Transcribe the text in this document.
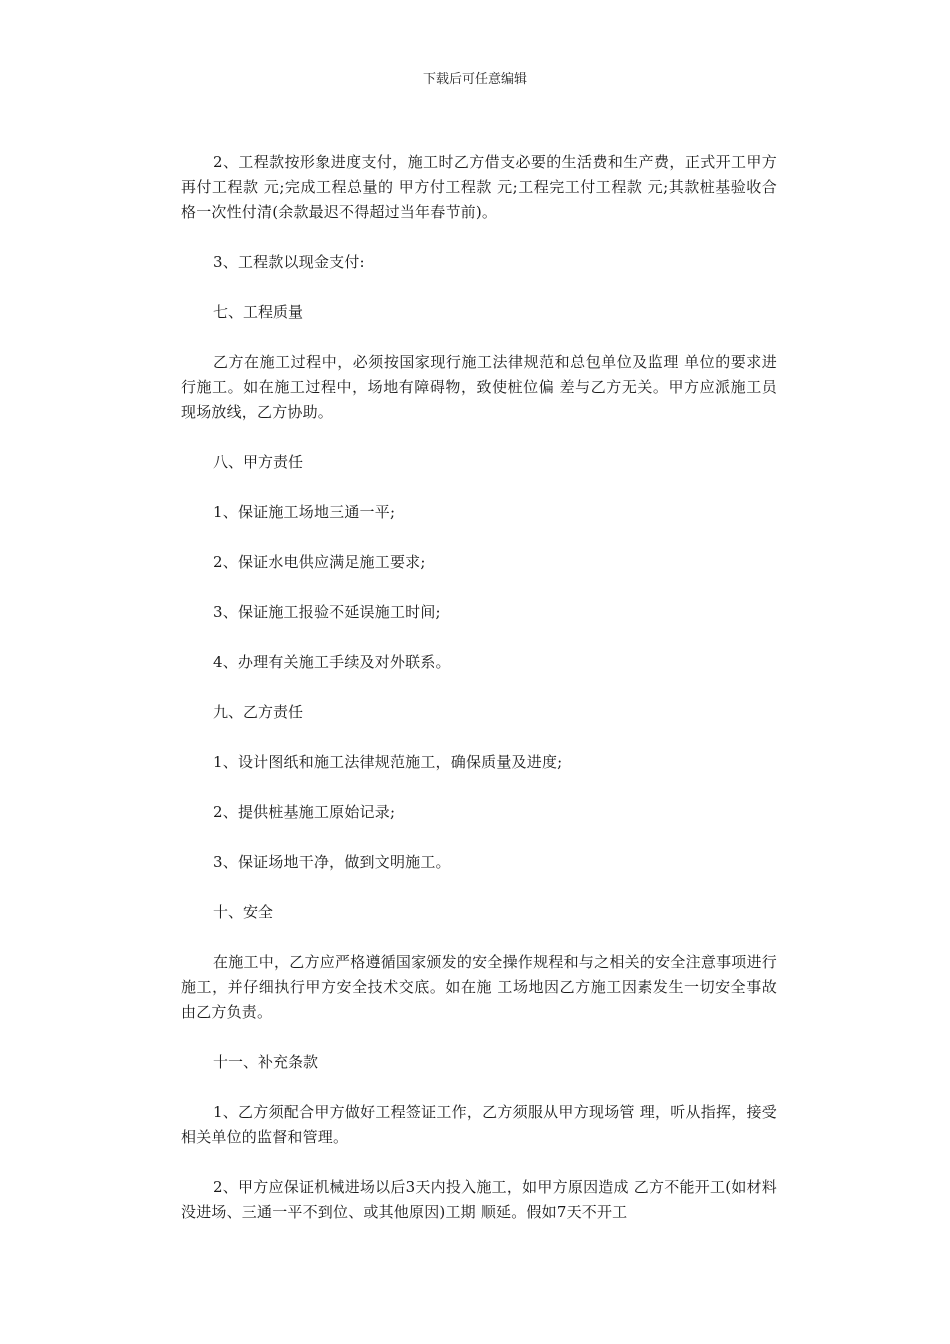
下载后可任意编辑

2、工程款按形象进度支付，施工时乙方借支必要的生活费和生产费，正式开工甲方再付工程款 元;完成工程总量的 甲方付工程款 元;工程完工付工程款 元;其款桩基验收合格一次性付清(余款最迟不得超过当年春节前)。

3、工程款以现金支付:

七、工程质量

乙方在施工过程中，必须按国家现行施工法律规范和总包单位及监理 单位的要求进行施工。如在施工过程中，场地有障碍物，致使桩位偏 差与乙方无关。甲方应派施工员现场放线，乙方协助。

八、甲方责任

1、保证施工场地三通一平;

2、保证水电供应满足施工要求;

3、保证施工报验不延误施工时间;

4、办理有关施工手续及对外联系。

九、乙方责任

1、设计图纸和施工法律规范施工，确保质量及进度;

2、提供桩基施工原始记录;

3、保证场地干净，做到文明施工。

十、安全

在施工中，乙方应严格遵循国家颁发的安全操作规程和与之相关的安全注意事项进行施工，并仔细执行甲方安全技术交底。如在施 工场地因乙方施工因素发生一切安全事故由乙方负责。

十一、补充条款

1、乙方须配合甲方做好工程签证工作，乙方须服从甲方现场管 理，听从指挥，接受相关单位的监督和管理。

2、甲方应保证机械进场以后3天内投入施工，如甲方原因造成 乙方不能开工(如材料没进场、三通一平不到位、或其他原因)工期 顺延。假如7天不开工
